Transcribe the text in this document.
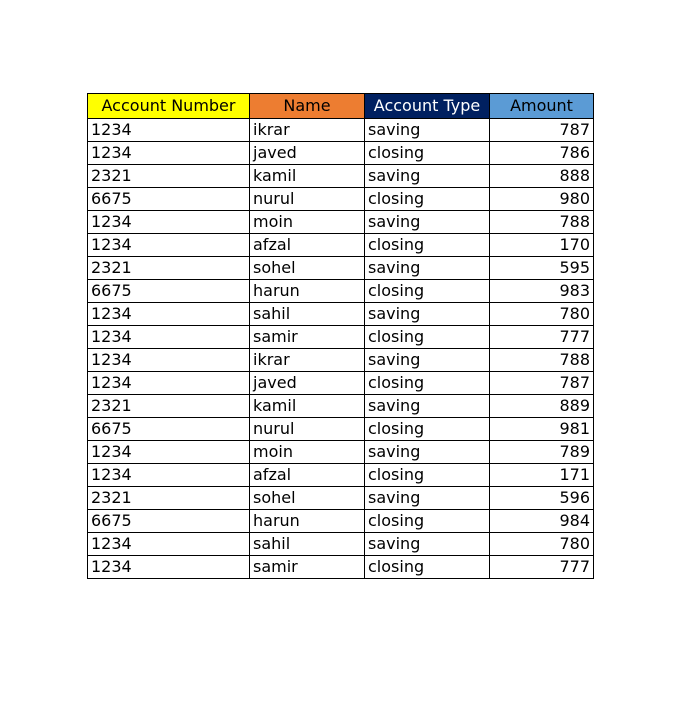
Account Number	Name	Account Type	Amount
1234	ikrar	saving	787
1234	javed	closing	786
2321	kamil	saving	888
6675	nurul	closing	980
1234	moin	saving	788
1234	afzal	closing	170
2321	sohel	saving	595
6675	harun	closing	983
1234	sahil	saving	780
1234	samir	closing	777
1234	ikrar	saving	788
1234	javed	closing	787
2321	kamil	saving	889
6675	nurul	closing	981
1234	moin	saving	789
1234	afzal	closing	171
2321	sohel	saving	596
6675	harun	closing	984
1234	sahil	saving	780
1234	samir	closing	777
